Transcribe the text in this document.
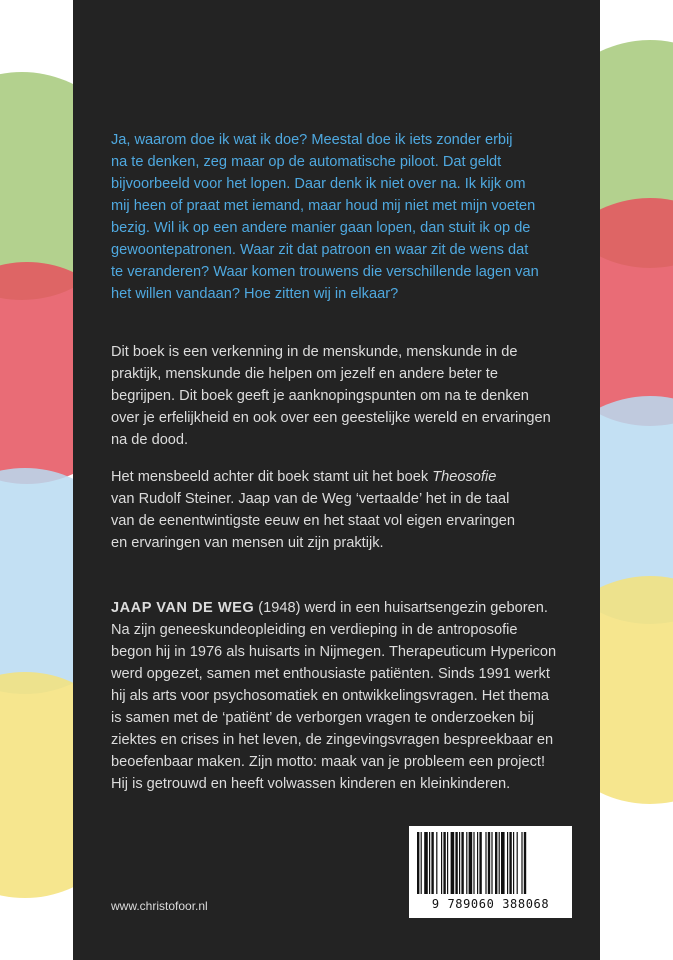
Ja, waarom doe ik wat ik doe? Meestal doe ik iets zonder erbij
na te denken, zeg maar op de automatische piloot. Dat geldt
bijvoorbeeld voor het lopen. Daar denk ik niet over na. Ik kijk om
mij heen of praat met iemand, maar houd mij niet met mijn voeten
bezig. Wil ik op een andere manier gaan lopen, dan stuit ik op de
gewoontepatronen. Waar zit dat patroon en waar zit de wens dat
te veranderen? Waar komen trouwens die verschillende lagen van
het willen vandaan? Hoe zitten wij in elkaar?

Dit boek is een verkenning in de menskunde, menskunde in de
praktijk, menskunde die helpen om jezelf en andere beter te
begrijpen. Dit boek geeft je aanknopingspunten om na te denken
over je erfelijkheid en ook over een geestelijke wereld en ervaringen
na de dood.

Het mensbeeld achter dit boek stamt uit het boek Theosofie
van Rudolf Steiner. Jaap van de Weg ‘vertaalde’ het in de taal
van de eenentwintigste eeuw en het staat vol eigen ervaringen
en ervaringen van mensen uit zijn praktijk.

JAAP VAN DE WEG (1948) werd in een huisartsengezin geboren.
Na zijn geneeskundeopleiding en verdieping in de antroposofie
begon hij in 1976 als huisarts in Nijmegen. Therapeuticum Hypericon
werd opgezet, samen met enthousiaste patiënten. Sinds 1991 werkt
hij als arts voor psychosomatiek en ontwikkelingsvragen. Het thema
is samen met de ‘patiënt’ de verborgen vragen te onderzoeken bij
ziektes en crises in het leven, de zingevingsvragen bespreekbaar en
beoefenbaar maken. Zijn motto: maak van je probleem een project!
Hij is getrouwd en heeft volwassen kinderen en kleinkinderen.

www.christofoor.nl	9 789060 388068
